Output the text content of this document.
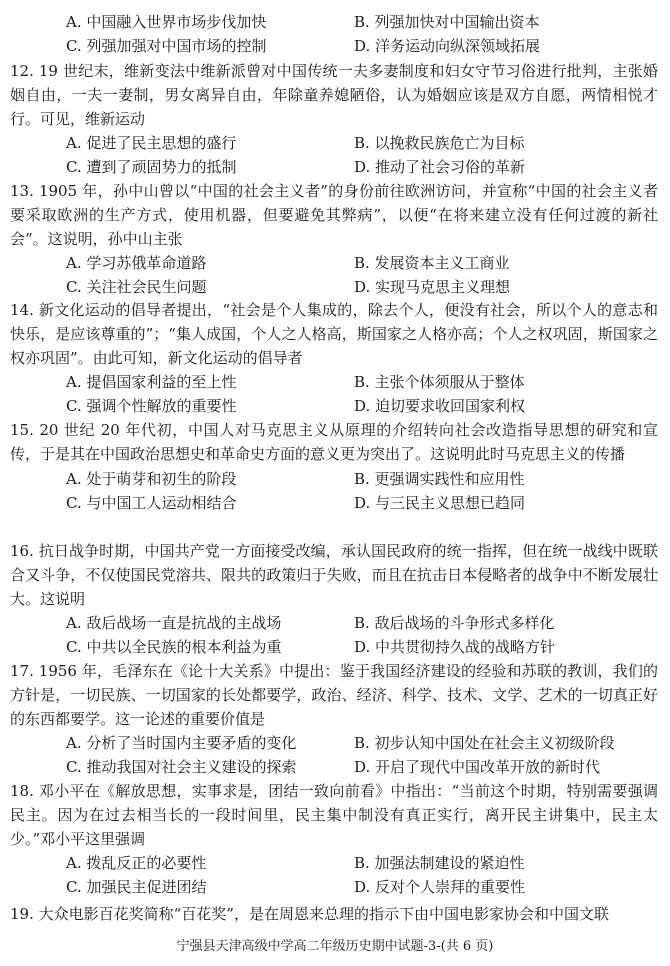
A. 中国融入世界市场步伐加快	B. 列强加快对中国输出资本
C. 列强加强对中国市场的控制	D. 洋务运动向纵深领域拓展

12. 19 世纪末，维新变法中维新派曾对中国传统一夫多妻制度和妇女守节习俗进行批判，主张婚姻自由，一夫一妻制，男女离异自由，年除童养媳陋俗，认为婚姻应该是双方自愿，两情相悦才行。可见，维新运动

A. 促进了民主思想的盛行	B. 以挽救民族危亡为目标
C. 遭到了顽固势力的抵制	D. 推动了社会习俗的革新

13. 1905 年，孙中山曾以“中国的社会主义者”的身份前往欧洲访问，并宣称“中国的社会主义者要采取欧洲的生产方式，使用机器，但要避免其弊病”，以便“在将来建立没有任何过渡的新社会”。这说明，孙中山主张

A. 学习苏俄革命道路	B. 发展资本主义工商业
C. 关注社会民生问题	D. 实现马克思主义理想

14. 新文化运动的倡导者提出，“社会是个人集成的，除去个人，便没有社会，所以个人的意志和快乐，是应该尊重的”；“集人成国，个人之人格高，斯国家之人格亦高；个人之权巩固，斯国家之权亦巩固”。由此可知，新文化运动的倡导者

A. 提倡国家利益的至上性	B. 主张个体须服从于整体
C. 强调个性解放的重要性	D. 迫切要求收回国家利权

15. 20 世纪 20 年代初，中国人对马克思主义从原理的介绍转向社会改造指导思想的研究和宣传，于是其在中国政治思想史和革命史方面的意义更为突出了。这说明此时马克思主义的传播

A. 处于萌芽和初生的阶段	B. 更强调实践性和应用性
C. 与中国工人运动相结合	D. 与三民主义思想已趋同

16. 抗日战争时期，中国共产党一方面接受改编，承认国民政府的统一指挥，但在统一战线中既联合又斗争，不仅使国民党溶共、限共的政策归于失败，而且在抗击日本侵略者的战争中不断发展壮大。这说明

A. 敌后战场一直是抗战的主战场	B. 敌后战场的斗争形式多样化
C. 中共以全民族的根本利益为重	D. 中共贯彻持久战的战略方针

17. 1956 年，毛泽东在《论十大关系》中提出：鉴于我国经济建设的经验和苏联的教训，我们的方针是，一切民族、一切国家的长处都要学，政治、经济、科学、技术、文学、艺术的一切真正好的东西都要学。这一论述的重要价值是

A. 分析了当时国内主要矛盾的变化	B. 初步认知中国处在社会主义初级阶段
C. 推动我国对社会主义建设的探索	D. 开启了现代中国改革开放的新时代

18. 邓小平在《解放思想，实事求是，团结一致向前看》中指出：“当前这个时期，特别需要强调民主。因为在过去相当长的一段时间里，民主集中制没有真正实行，离开民主讲集中，民主太少。”邓小平这里强调

A. 拨乱反正的必要性	B. 加强法制建设的紧迫性
C. 加强民主促进团结	D. 反对个人崇拜的重要性
19. 大众电影百花奖简称“百花奖”，是在周恩来总理的指示下由中国电影家协会和中国文联
宁强县天津高级中学高二年级历史期中试题-3-(共 6 页)
